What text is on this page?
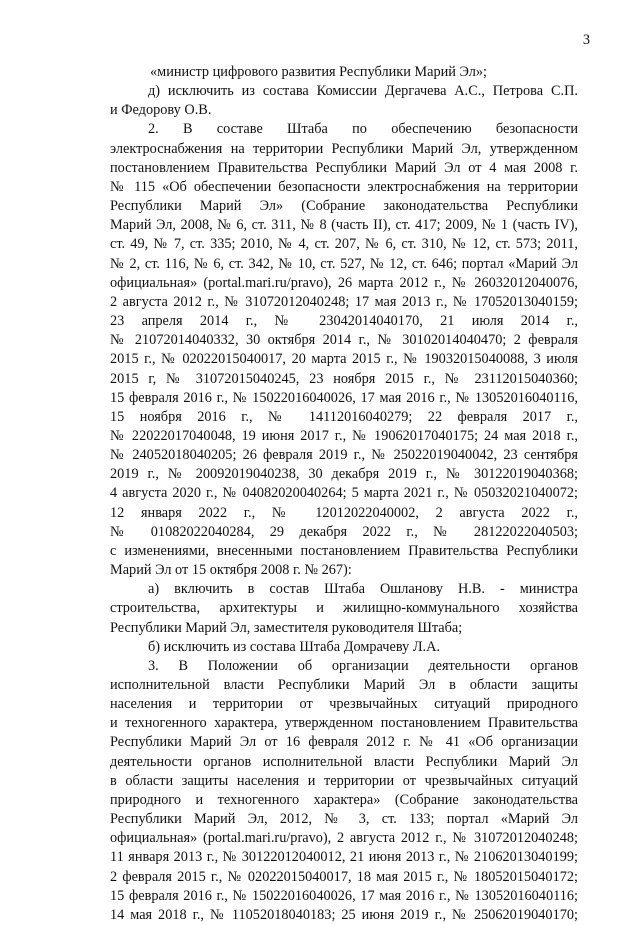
3
«министр цифрового развития Республики Марий Эл»;
д) исключить из состава Комиссии Дергачева А.С., Петрова С.П.
и Федорову О.В.
2. В составе Штаба по обеспечению безопасности
электроснабжения на территории Республики Марий Эл, утвержденном
постановлением Правительства Республики Марий Эл от 4 мая 2008 г.
№ 115 «Об обеспечении безопасности электроснабжения на территории
Республики Марий Эл» (Собрание законодательства Республики
Марий Эл, 2008, № 6, ст. 311, № 8 (часть II), ст. 417; 2009, № 1 (часть IV),
ст. 49, № 7, ст. 335; 2010, № 4, ст. 207, № 6, ст. 310, № 12, ст. 573; 2011,
№ 2, ст. 116, № 6, ст. 342, № 10, ст. 527, № 12, ст. 646; портал «Марий Эл
официальная» (portal.mari.ru/pravo), 26 марта 2012 г., № 26032012040076,
2 августа 2012 г., № 31072012040248; 17 мая 2013 г., № 17052013040159;
23 апреля 2014 г., № 23042014040170, 21 июля 2014 г.,
№ 21072014040332, 30 октября 2014 г., № 30102014040470; 2 февраля
2015 г., № 02022015040017, 20 марта 2015 г., № 19032015040088, 3 июля
2015 г, № 31072015040245, 23 ноября 2015 г., № 23112015040360;
15 февраля 2016 г., № 15022016040026, 17 мая 2016 г., № 13052016040116,
15 ноября 2016 г., № 14112016040279; 22 февраля 2017 г.,
№ 22022017040048, 19 июня 2017 г., № 19062017040175; 24 мая 2018 г.,
№ 24052018040205; 26 февраля 2019 г., № 25022019040042, 23 сентября
2019 г., № 20092019040238, 30 декабря 2019 г., № 30122019040368;
4 августа 2020 г., № 04082020040264; 5 марта 2021 г., № 05032021040072;
12 января 2022 г., № 12012022040002, 2 августа 2022 г.,
№ 01082022040284, 29 декабря 2022 г., № 28122022040503;
с изменениями, внесенными постановлением Правительства Республики
Марий Эл от 15 октября 2008 г. № 267):
а) включить в состав Штаба Ошланову Н.В. - министра
строительства, архитектуры и жилищно-коммунального хозяйства
Республики Марий Эл, заместителя руководителя Штаба;
б) исключить из состава Штаба Домрачеву Л.А.
3. В Положении об организации деятельности органов
исполнительной власти Республики Марий Эл в области защиты
населения и территории от чрезвычайных ситуаций природного
и техногенного характера, утвержденном постановлением Правительства
Республики Марий Эл от 16 февраля 2012 г. № 41 «Об организации
деятельности органов исполнительной власти Республики Марий Эл
в области защиты населения и территории от чрезвычайных ситуаций
природного и техногенного характера» (Собрание законодательства
Республики Марий Эл, 2012, № 3, ст. 133; портал «Марий Эл
официальная» (portal.mari.ru/pravo), 2 августа 2012 г., № 31072012040248;
11 января 2013 г., № 30122012040012, 21 июня 2013 г., № 21062013040199;
2 февраля 2015 г., № 02022015040017, 18 мая 2015 г., № 18052015040172;
15 февраля 2016 г., № 15022016040026, 17 мая 2016 г., № 13052016040116;
14 мая 2018 г., № 11052018040183; 25 июня 2019 г., № 25062019040170;
